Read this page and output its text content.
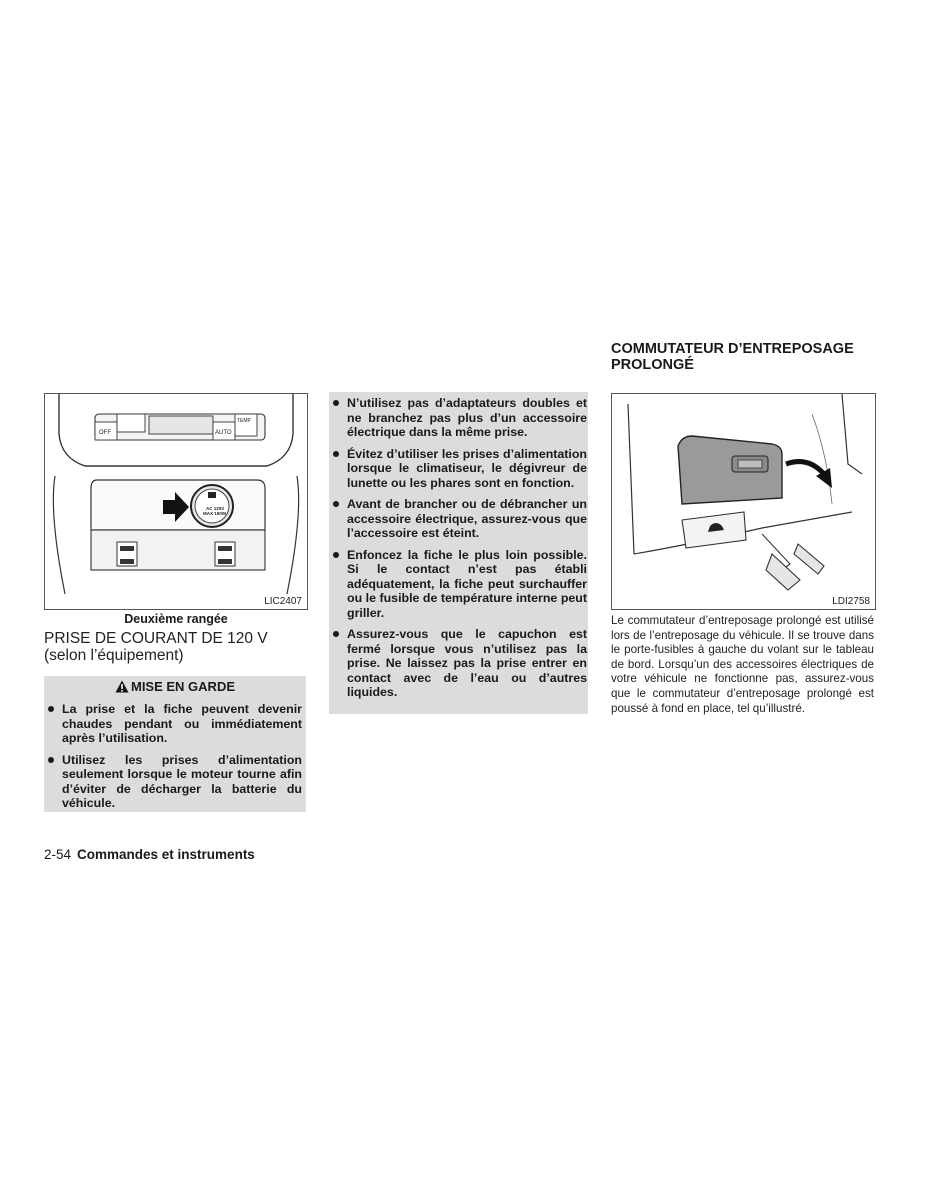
OFF	AUTO
TEMP
AC 120V
MAX 150W
LIC2407
Deuxième rangée
PRISE DE COURANT DE 120 V
(selon l’équipement)
MISE EN GARDE
La prise et la fiche peuvent devenir chaudes pendant ou immédiatement après l’utilisation.
Utilisez les prises d’alimentation seulement lorsque le moteur tourne afin d’éviter de décharger la batterie du véhicule.
N’utilisez pas d’adaptateurs doubles et ne branchez pas plus d’un accessoire électrique dans la même prise.
Évitez d’utiliser les prises d’alimentation lorsque le climatiseur, le dégivreur de lunette ou les phares sont en fonction.
Avant de brancher ou de débrancher un accessoire électrique, assurez-vous que l’accessoire est éteint.
Enfoncez la fiche le plus loin possible. Si le contact n’est pas établi adéquatement, la fiche peut surchauffer ou le fusible de température interne peut griller.
Assurez-vous que le capuchon est fermé lorsque vous n’utilisez pas la prise. Ne laissez pas la prise entrer en contact avec de l’eau ou d’autres liquides.
COMMUTATEUR D’ENTREPOSAGE
PROLONGÉ
LDI2758
Le commutateur d’entreposage prolongé est utilisé lors de l’entreposage du véhicule. Il se trouve dans le porte-fusibles à gauche du volant sur le tableau de bord. Lorsqu’un des accessoires électriques de votre véhicule ne fonctionne pas, assurez-vous que le commutateur d’entreposage prolongé est poussé à fond en place, tel qu’illustré.
2-54 Commandes et instruments
